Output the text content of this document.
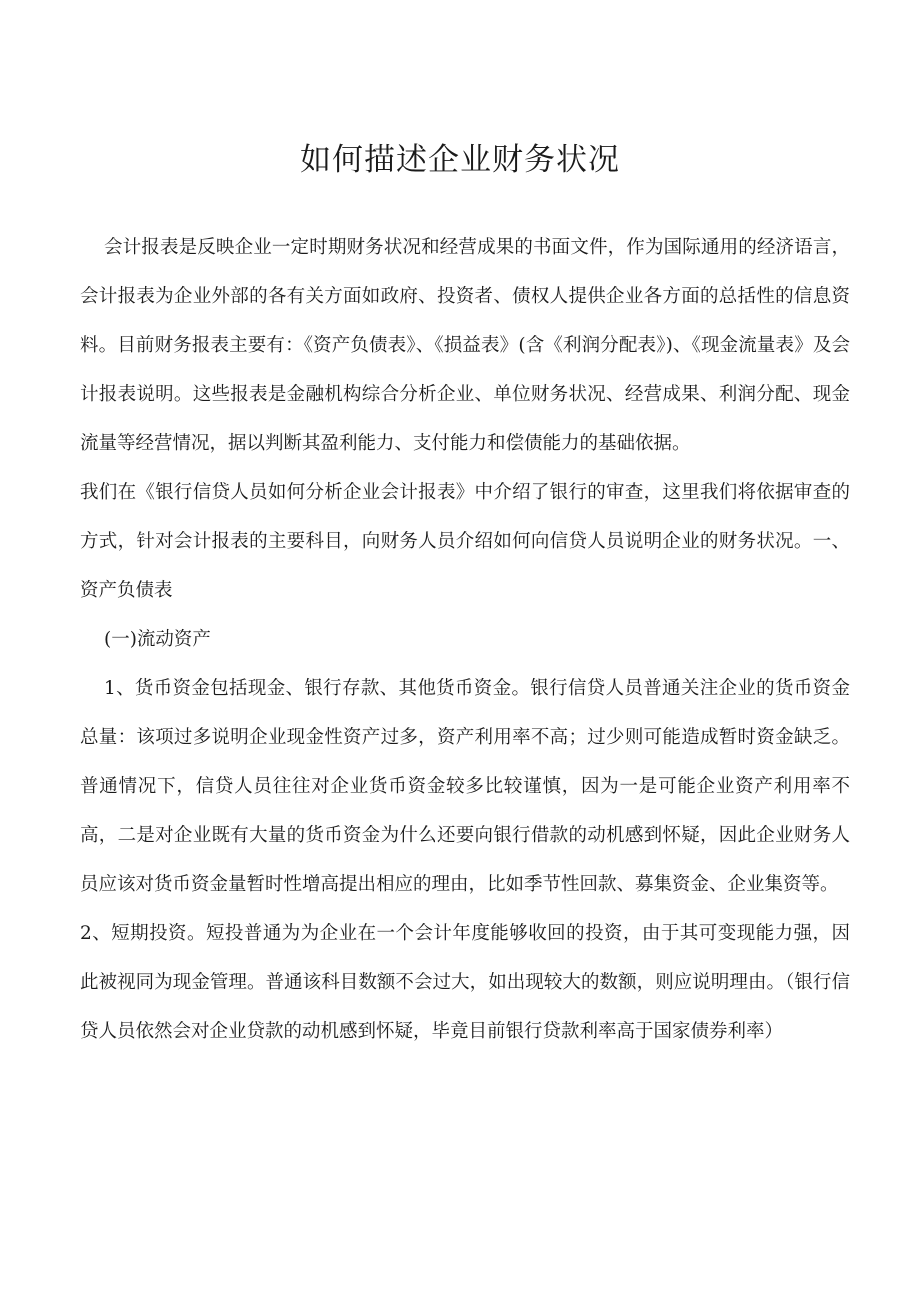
如何描述企业财务状况

会计报表是反映企业一定时期财务状况和经营成果的书面文件，作为国际通用的经济语言，会计报表为企业外部的各有关方面如政府、投资者、债权人提供企业各方面的总括性的信息资料。目前财务报表主要有：《资产负债表》、《损益表》(含《利润分配表》)、《现金流量表》及会计报表说明。这些报表是金融机构综合分析企业、单位财务状况、经营成果、利润分配、现金流量等经营情况，据以判断其盈利能力、支付能力和偿债能力的基础依据。

我们在《银行信贷人员如何分析企业会计报表》中介绍了银行的审查，这里我们将依据审查的方式，针对会计报表的主要科目，向财务人员介绍如何向信贷人员说明企业的财务状况。一、资产负债表

(一)流动资产

1、货币资金包括现金、银行存款、其他货币资金。银行信贷人员普通关注企业的货币资金总量：该项过多说明企业现金性资产过多，资产利用率不高；过少则可能造成暂时资金缺乏。普通情况下，信贷人员往往对企业货币资金较多比较谨慎，因为一是可能企业资产利用率不高，二是对企业既有大量的货币资金为什么还要向银行借款的动机感到怀疑，因此企业财务人员应该对货币资金量暂时性增高提出相应的理由，比如季节性回款、募集资金、企业集资等。

2、短期投资。短投普通为为企业在一个会计年度能够收回的投资，由于其可变现能力强，因此被视同为现金管理。普通该科目数额不会过大，如出现较大的数额，则应说明理由。（银行信贷人员依然会对企业贷款的动机感到怀疑，毕竟目前银行贷款利率高于国家债券利率）
